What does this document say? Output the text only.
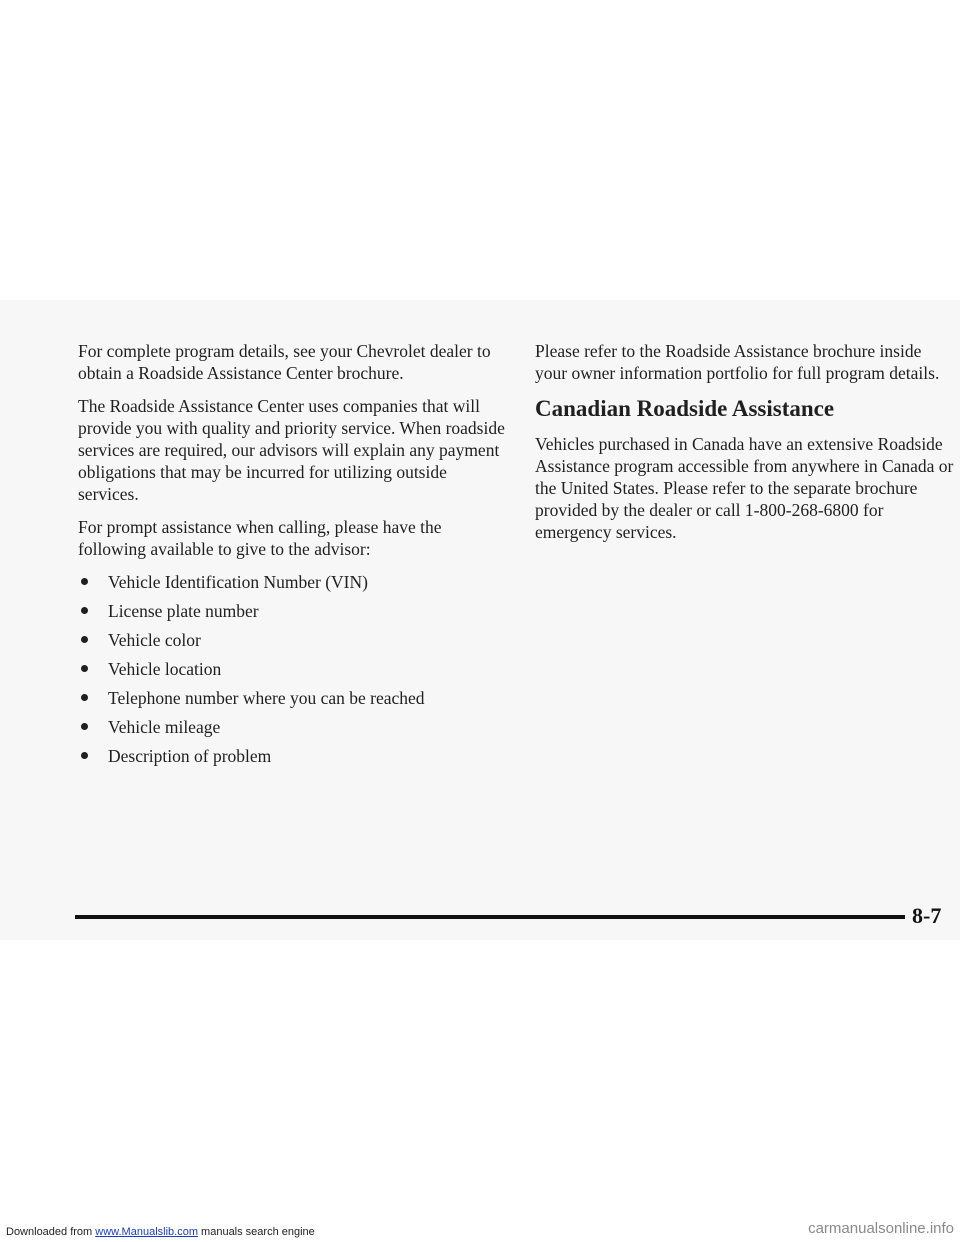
For complete program details, see your Chevrolet dealer to obtain a Roadside Assistance Center brochure.

The Roadside Assistance Center uses companies that will provide you with quality and priority service. When roadside services are required, our advisors will explain any payment obligations that may be incurred for utilizing outside services.

For prompt assistance when calling, please have the following available to give to the advisor:

Vehicle Identification Number (VIN)
License plate number
Vehicle color
Vehicle location
Telephone number where you can be reached
Vehicle mileage
Description of problem

Please refer to the Roadside Assistance brochure inside your owner information portfolio for full program details.

Canadian Roadside Assistance

Vehicles purchased in Canada have an extensive Roadside Assistance program accessible from anywhere in Canada or the United States. Please refer to the separate brochure provided by the dealer or call 1-800-268-6800 for emergency services.

8-7
Downloaded from www.Manualslib.com manuals search engine	carmanualsonline.info
